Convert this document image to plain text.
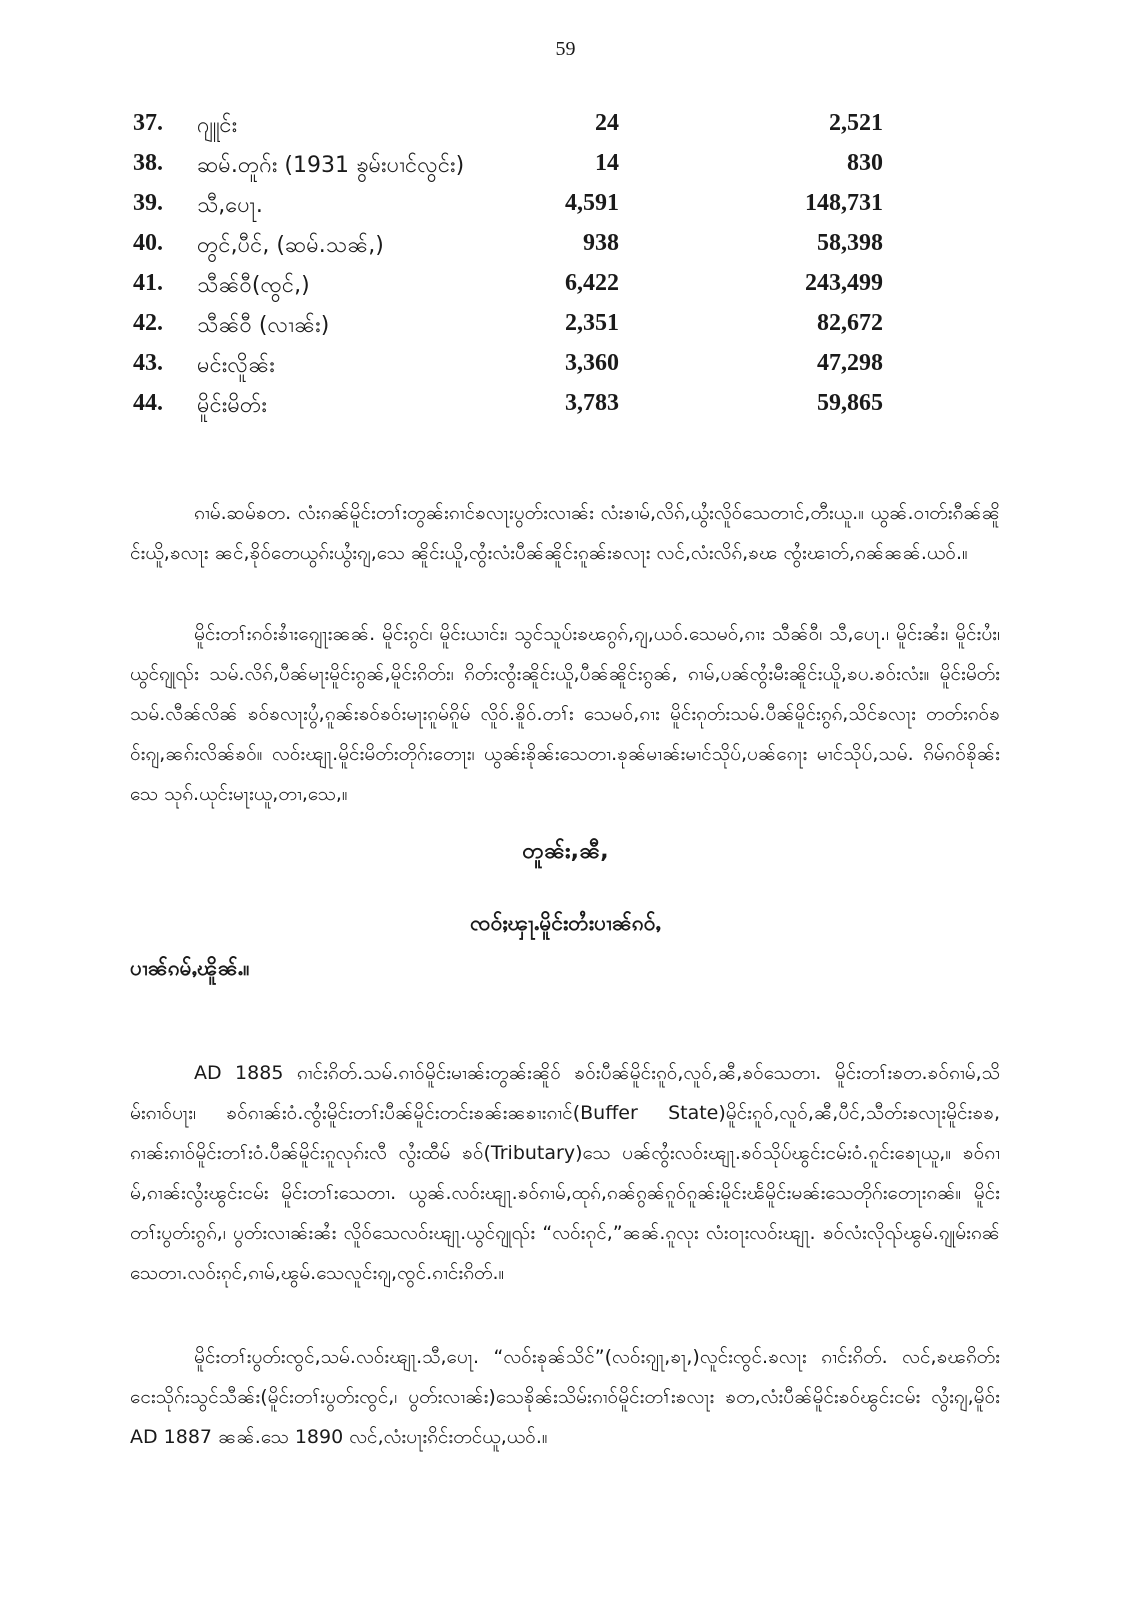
59
37. ဂျူင်း	24	2,521
38. ဆမ်.တူဂ်း (1931 ၶွမ်းပၢင်လွင်း)	14	830
39. သီ,ပေႃ.	4,591	148,731
40. တွင်,ပီင်, (ဆမ်.သၼ်,)	938	58,398
41. သီၼ်ဝီ(ၸွင်,)	6,422	243,499
42. သီၼ်ဝီ (လၢၼ်း)	2,351	82,672
43. မင်းလိူၼ်း	3,360	47,298
44. မိူင်းမိတ်း	3,783	59,865

ၵၢမ်.ဆမ်ၶတ. လံးၵၼ်မိူင်းတၢ်းတွၼ်းၵၢင်ၶလႃးပွတ်းလၢၼ်း လံးၶၢမ်,လိၵ်,ယွႆးလိူဝ်သေတၢင်,တီးယူ.။ ယွၼ်.ဝၢတ်းၵီၼ်ၼိူင်းယိူ,ၶလႃး ၼင်,ၶိုဝ်တေယွၵ်းယွႆးၵျ,သေ ၼိူင်းယိူ,ၸွႆးလံးပီၼ်ၼိူင်းၵူၼ်းၶလႃး လင်,လံးလိၵ်,ၶၽ ၸွႆးၽၢတ်,ၵၼ်ၼၼ်.ယဝ်.။

မိူင်းတၢ်းၵဝ်းၶၢႆးၵျေႃးၼၼ်. မိူင်းၵွင်၊ မိူင်းယၢင်း၊ သွင်သူပ်းၶၽၵွၵ်,ၵျ,ယဝ်.သေမဝ်,ၵၢး သီၼ်ဝီ၊ သီ,ပေႃ.၊ မိူင်းၼႆး၊ မိူင်းပႆး၊ ယွင်ၵျုၺ်း သမ်.လိၵ်,ပီၼ်မႃးမိူင်းၵွၼ်,မိူင်းၵိတ်း၊ ၵိတ်းၸွႆးၼိူင်းယိူ,ပီၼ်ၼိူင်းၵွၼ်, ၵၢမ်,ပၼ်ၸွႆးမီးၼိူင်းယိူ,ၶပ.ၶဝ်းလံး။ မိူင်းမိတ်းသမ်.လီၼ်လိၼ် ၶဝ်ၶလႃးပွႆ,ၵူၼ်းၶဝ်ၶဝ်းမႃးၵူမ်ၵိူမ် လိူဝ်.ၶိူဝ်.တၢ်း သေမဝ်,ၵၢး မိူင်းၵုတ်းသမ်.ပီၼ်မိူင်းၵွၵ်,သိင်ၶလႃး တတ်းၵဝ်ၶဝ်းၵျ,ၼၵ်းလိၼ်ၶဝ်။ လဝ်းၽျႃ.မိူင်းမိတ်းတိုဂ်းတေႃး၊ ယွၼ်းၶိုၼ်းသေတၢ.ၶုၼ်မၢၼ်းမၢင်သိုပ်,ပၼ်ၵေႃး မၢင်သိုပ်,သမ်. ၵိမ်ၵဝ်ၶိုၼ်းသေ သုၵ်.ယုင်းမႃးယူ,တၢ,သေ,။

တူၼ်း,ၼီ,
ၸဝ်ႈၾႃႉမိူင်းတႆးပၢၼ်ၵဝ်ႇ
ပၢၼ်ၵမ်ႇၽိူၼ်ႉ။

AD 1885 ၵၢင်းၵိတ်.သမ်.ၵၢဝ်မိူင်းမၢၼ်းတွၼ်းၼိူဝ် ၶဝ်းပီၼ်မိူင်းၵူဝ်,လူဝ်,ၼီ,ၶဝ်သေတၢ. မိူင်းတၢ်းၶတ.ၶဝ်ၵၢမ်,သိမ်းၵၢဝ်ပႃး၊ ၶဝ်ၵၢၼ်းဝံ.ၸွႆးမိူင်းတၢ်းပီၼ်မိူင်းတင်းၶၼ်းၼၶၢးၵၢင်(Buffer State)မိူင်းၵူဝ်,လူဝ်,ၼီ,ပီင်,သီတ်းၶလႃးမိူင်းၶၶ, ၵၢၼ်းၵၢဝ်မိူင်းတၢ်းဝံ.ပီၼ်မိူင်းၵူလုၵ်းလီ လွႆးထီမ် ၶဝ်(Tributary)သေ ပၼ်ၸွႆးလဝ်းၽျႃ.ၶဝ်သိုပ်ၽွင်းငမ်းဝံ.ၵူင်းၶေႃယူ,။ ၶဝ်ၵၢမ်,ၵၢၼ်းလွႆးၽွင်းငမ်း မိူင်းတၢ်းသေတၢ. ယွၼ်.လဝ်းၽျႃ.ၶဝ်ၵၢမ်,ထုၵ်,ၵၼ်ၵွၼ်ၵူဝ်ၵူၼ်းမိူင်းၽႅမိူင်းမၼ်းသေတိုဂ်းတေႃးၵၼ်။ မိူင်းတၢ်းပွတ်းၵွၵ်,၊ ပွတ်းလၢၼ်းၼႆး လိူဝ်သေလဝ်းၽျႃ.ယွင်ၵျုၺ်း “လဝ်းၵုင်,”ၼၼ်.ၵူလုး လံးဝႃးလဝ်းၽျႃ. ၶဝ်လံးလိုၺ်ၽွမ်.ၵျုမ်းၵၼ်သေတၢ.လဝ်းၵုင်,ၵၢမ်,ၽွမ်.သေလူင်းၵျ,ၸွင်.ၵၢင်းၵိတ်.။

မိူင်းတၢ်းပွတ်းၸွင်,သမ်.လဝ်းၽျႃ.သီ,ပေႃ. “လဝ်းၶုၼ်သိင်”(လဝ်းၵျႃ,ၶႃ,)လူင်းၸွင်.ၶလႃး ၵၢင်းၵိတ်. လင်,ၶၽၵိတ်းငေးသိုဂ်းသွင်သီၼ်း(မိူင်းတၢ်းပွတ်းၸွင်,၊ ပွတ်းလၢၼ်း)သေၶိုၼ်းသိမ်းၵၢဝ်မိူင်းတၢ်းၶလႃး ၶတ,လံးပီၼ်မိူင်းၶဝ်ၽွင်းငမ်း လွႆးၵျ,မိူဝ်း AD 1887 ၼၼ်.သေ 1890 လင်,လံးပႃးၵိင်းတင်ယူ,ယဝ်.။
